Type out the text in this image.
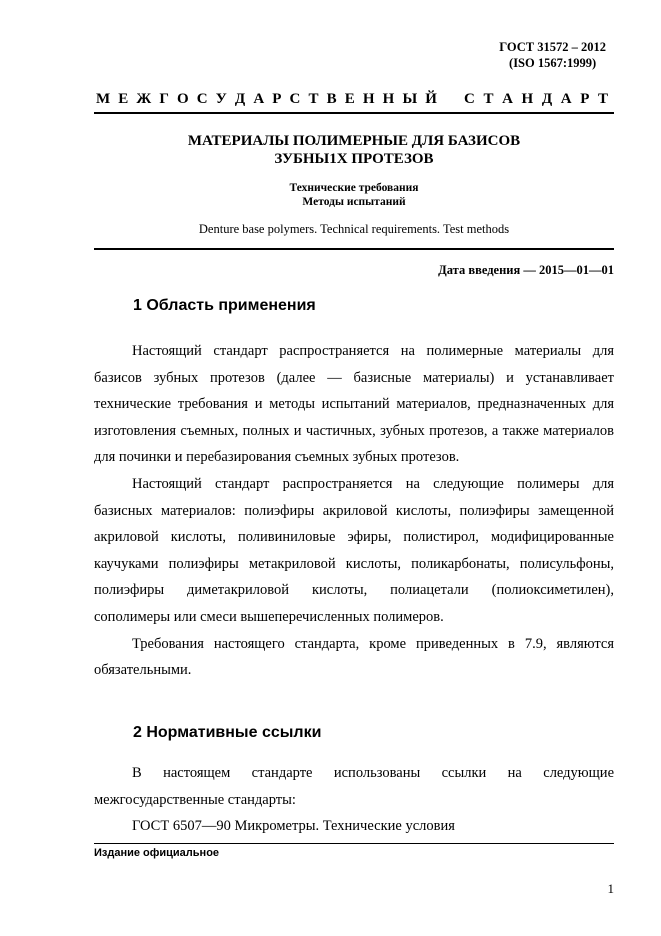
ГОСТ 31572 – 2012
(ISO 1567:1999)
М Е Ж Г О С У Д А Р С Т В Е Н Н Ы Й С Т А Н Д А Р Т
МАТЕРИАЛЫ ПОЛИМЕРНЫЕ ДЛЯ БАЗИСОВ
ЗУБНЫ1Х ПРОТЕЗОВ
Технические требования
Методы испытаний
Denture base polymers. Technical requirements. Test methods
Дата введения — 2015—01—01
1 Область применения

Настоящий стандарт распространяется на полимерные материалы для базисов зубных протезов (далее — базисные материалы) и устанавливает технические требования и методы испытаний материалов, предназначенных для изготовления съемных, полных и частичных, зубных протезов, а также материалов для починки и перебазирования съемных зубных протезов.

Настоящий стандарт распространяется на следующие полимеры для базисных материалов: полиэфиры акриловой кислоты, полиэфиры замещенной акриловой кислоты, поливиниловые эфиры, полистирол, модифицированные каучуками полиэфиры метакриловой кислоты, поликарбонаты, полисульфоны, полиэфиры диметакриловой кислоты, полиацетали (полиоксиметилен), сополимеры или смеси вышеперечисленных полимеров.

Требования настоящего стандарта, кроме приведенных в 7.9, являются обязательными.

2 Нормативные ссылки

В настоящем стандарте использованы ссылки на следующие межгосударственные стандарты:

ГОСТ 6507—90 Микрометры. Технические условия

Издание официальное
1
